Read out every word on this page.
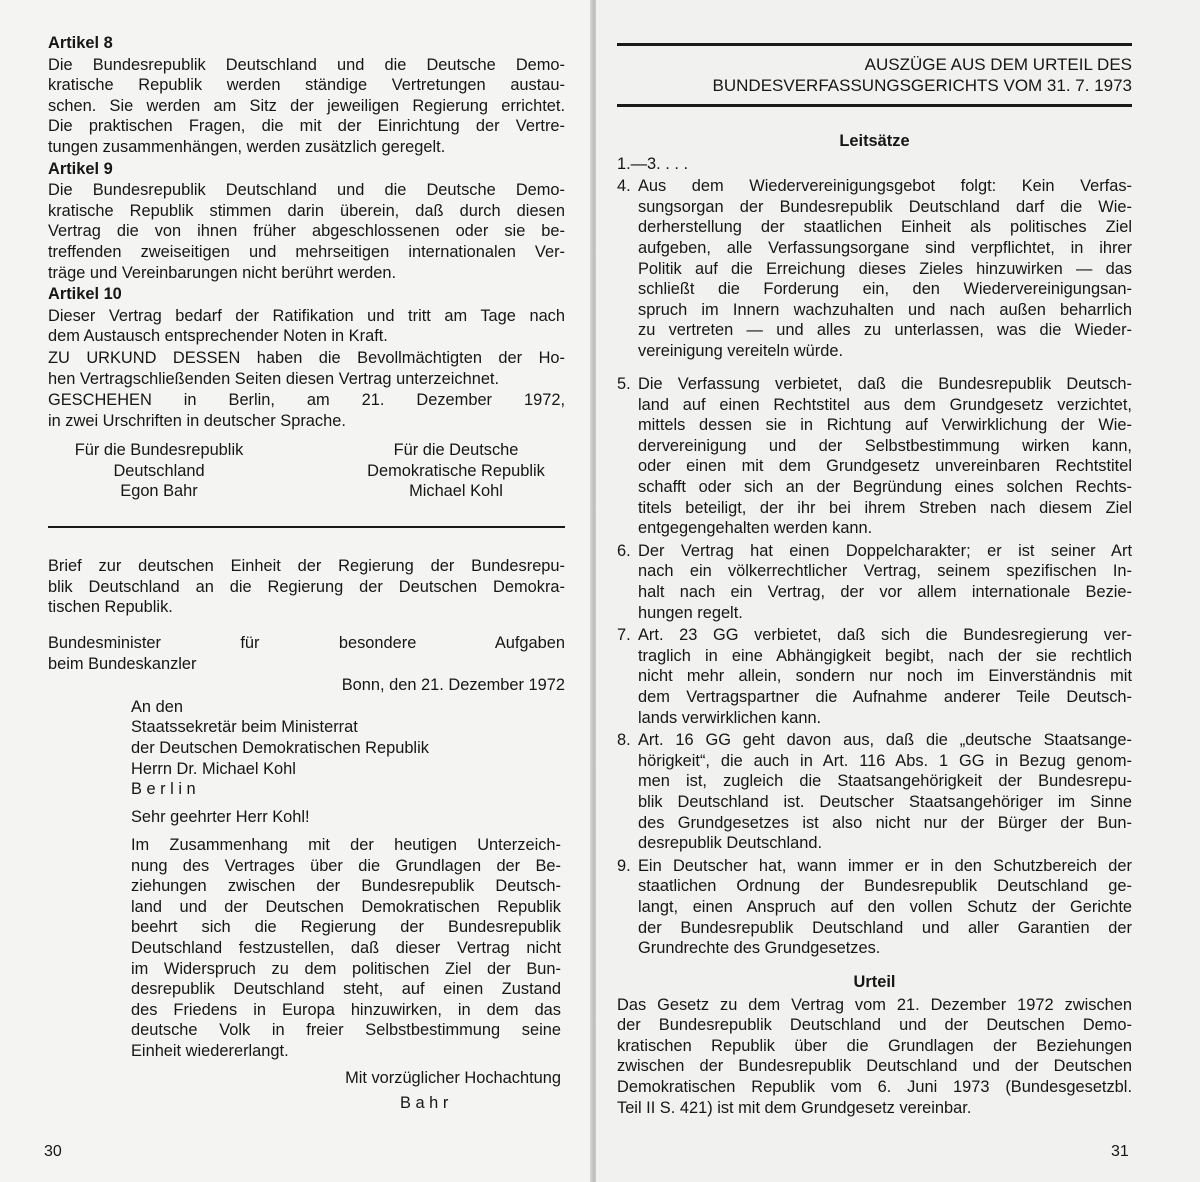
30
Artikel 8
Die Bundesrepublik Deutschland und die Deutsche Demo-
kratische Republik werden ständige Vertretungen austau-
schen. Sie werden am Sitz der jeweiligen Regierung errichtet.
Die praktischen Fragen, die mit der Einrichtung der Vertre-
tungen zusammenhängen, werden zusätzlich geregelt.
Artikel 9
Die Bundesrepublik Deutschland und die Deutsche Demo-
kratische Republik stimmen darin überein, daß durch diesen
Vertrag die von ihnen früher abgeschlossenen oder sie be-
treffenden zweiseitigen und mehrseitigen internationalen Ver-
träge und Vereinbarungen nicht berührt werden.
Artikel 10
Dieser Vertrag bedarf der Ratifikation und tritt am Tage nach
dem Austausch entsprechender Noten in Kraft.
ZU URKUND DESSEN haben die Bevollmächtigten der Ho-
hen Vertragschließenden Seiten diesen Vertrag unterzeichnet.
GESCHEHEN in Berlin, am 21. Dezember 1972,
in zwei Urschriften in deutscher Sprache.
Für die Bundesrepublik
Deutschland
Egon Bahr
Für die Deutsche
Demokratische Republik
Michael Kohl
Brief zur deutschen Einheit der Regierung der Bundesrepu-
blik Deutschland an die Regierung der Deutschen Demokra-
tischen Republik.
Bundesminister für besondere Aufgaben
beim Bundeskanzler
Bonn, den 21. Dezember 1972
An den
Staatssekretär beim Ministerrat
der Deutschen Demokratischen Republik
Herrn Dr. Michael Kohl
B e r l i n
Sehr geehrter Herr Kohl!
Im Zusammenhang mit der heutigen Unterzeich-
nung des Vertrages über die Grundlagen der Be-
ziehungen zwischen der Bundesrepublik Deutsch-
land und der Deutschen Demokratischen Republik
beehrt sich die Regierung der Bundesrepublik
Deutschland festzustellen, daß dieser Vertrag nicht
im Widerspruch zu dem politischen Ziel der Bun-
desrepublik Deutschland steht, auf einen Zustand
des Friedens in Europa hinzuwirken, in dem das
deutsche Volk in freier Selbstbestimmung seine
Einheit wiedererlangt.
Mit vorzüglicher Hochachtung
B a h r
AUSZÜGE AUS DEM URTEIL DES
BUNDESVERFASSUNGSGERICHTS VOM 31. 7. 1973
31
Leitsätze
1.—3. . . .
4. Aus dem Wiedervereinigungsgebot folgt: Kein Verfas-
sungsorgan der Bundesrepublik Deutschland darf die Wie-
derherstellung der staatlichen Einheit als politisches Ziel
aufgeben, alle Verfassungsorgane sind verpflichtet, in ihrer
Politik auf die Erreichung dieses Zieles hinzuwirken — das
schließt die Forderung ein, den Wiedervereinigungsan-
spruch im Innern wachzuhalten und nach außen beharrlich
zu vertreten — und alles zu unterlassen, was die Wieder-
vereinigung vereiteln würde.
5. Die Verfassung verbietet, daß die Bundesrepublik Deutsch-
land auf einen Rechtstitel aus dem Grundgesetz verzichtet,
mittels dessen sie in Richtung auf Verwirklichung der Wie-
dervereinigung und der Selbstbestimmung wirken kann,
oder einen mit dem Grundgesetz unvereinbaren Rechtstitel
schafft oder sich an der Begründung eines solchen Rechts-
titels beteiligt, der ihr bei ihrem Streben nach diesem Ziel
entgegengehalten werden kann.
6. Der Vertrag hat einen Doppelcharakter; er ist seiner Art
nach ein völkerrechtlicher Vertrag, seinem spezifischen In-
halt nach ein Vertrag, der vor allem internationale Bezie-
hungen regelt.
7. Art. 23 GG verbietet, daß sich die Bundesregierung ver-
traglich in eine Abhängigkeit begibt, nach der sie rechtlich
nicht mehr allein, sondern nur noch im Einverständnis mit
dem Vertragspartner die Aufnahme anderer Teile Deutsch-
lands verwirklichen kann.
8. Art. 16 GG geht davon aus, daß die „deutsche Staatsange-
hörigkeit“, die auch in Art. 116 Abs. 1 GG in Bezug genom-
men ist, zugleich die Staatsangehörigkeit der Bundesrepu-
blik Deutschland ist. Deutscher Staatsangehöriger im Sinne
des Grundgesetzes ist also nicht nur der Bürger der Bun-
desrepublik Deutschland.
9. Ein Deutscher hat, wann immer er in den Schutzbereich der
staatlichen Ordnung der Bundesrepublik Deutschland ge-
langt, einen Anspruch auf den vollen Schutz der Gerichte
der Bundesrepublik Deutschland und aller Garantien der
Grundrechte des Grundgesetzes.
Urteil
Das Gesetz zu dem Vertrag vom 21. Dezember 1972 zwischen
der Bundesrepublik Deutschland und der Deutschen Demo-
kratischen Republik über die Grundlagen der Beziehungen
zwischen der Bundesrepublik Deutschland und der Deutschen
Demokratischen Republik vom 6. Juni 1973 (Bundesgesetzbl.
Teil II S. 421) ist mit dem Grundgesetz vereinbar.
